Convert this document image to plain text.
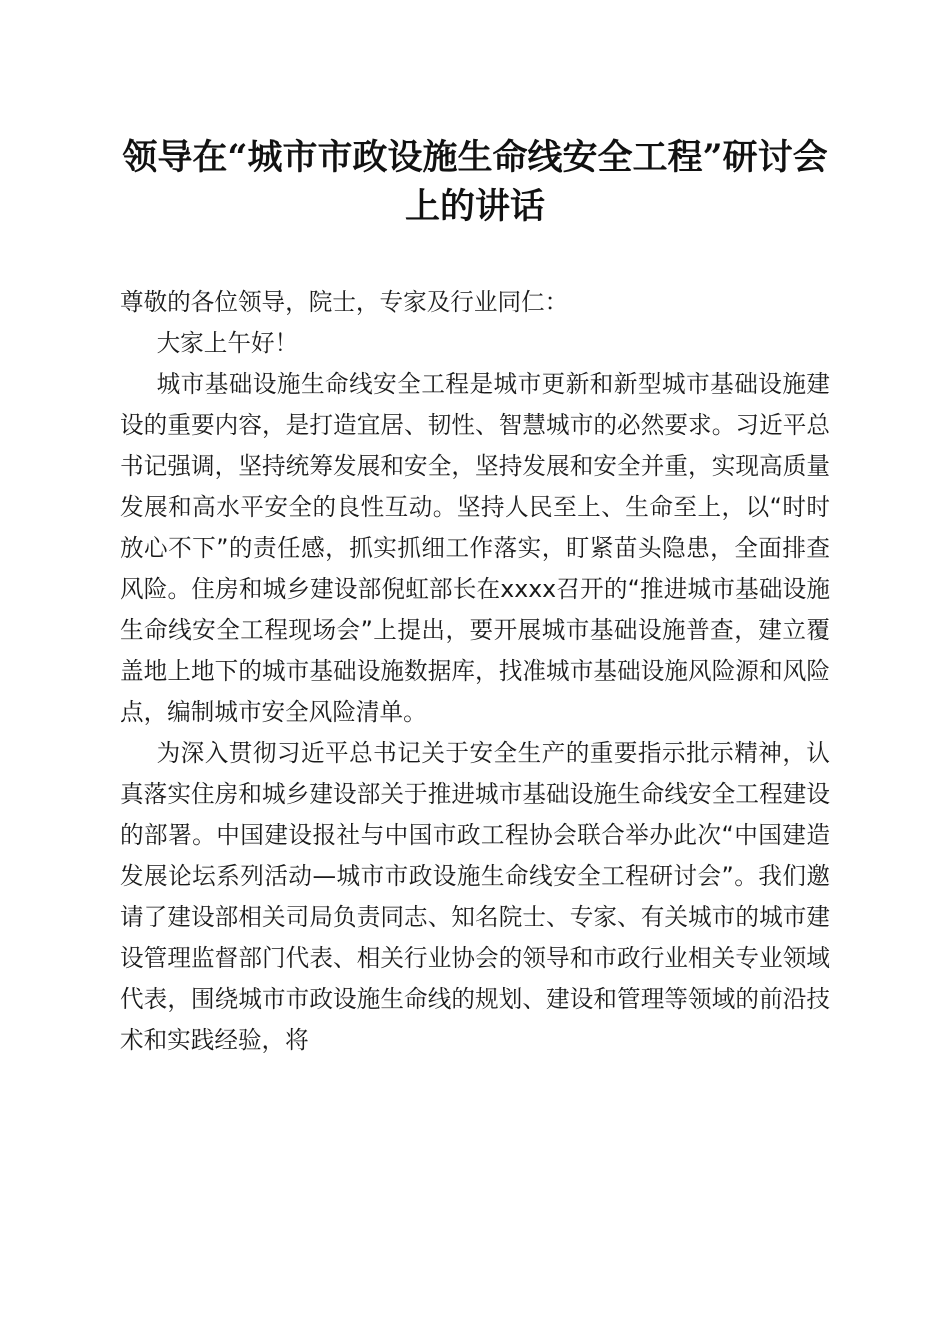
领导在“城市市政设施生命线安全工程”研讨会上的讲话

尊敬的各位领导，院士，专家及行业同仁：

大家上午好！

城市基础设施生命线安全工程是城市更新和新型城市基础设施建设的重要内容，是打造宜居、韧性、智慧城市的必然要求。习近平总书记强调，坚持统筹发展和安全，坚持发展和安全并重，实现高质量发展和高水平安全的良性互动。坚持人民至上、生命至上，以“时时放心不下”的责任感，抓实抓细工作落实，盯紧苗头隐患，全面排查风险。住房和城乡建设部倪虹部长在xxxx召开的“推进城市基础设施生命线安全工程现场会”上提出，要开展城市基础设施普查，建立覆盖地上地下的城市基础设施数据库，找准城市基础设施风险源和风险点，编制城市安全风险清单。

为深入贯彻习近平总书记关于安全生产的重要指示批示精神，认真落实住房和城乡建设部关于推进城市基础设施生命线安全工程建设的部署。中国建设报社与中国市政工程协会联合举办此次“中国建造发展论坛系列活动—城市市政设施生命线安全工程研讨会”。我们邀请了建设部相关司局负责同志、知名院士、专家、有关城市的城市建设管理监督部门代表、相关行业协会的领导和市政行业相关专业领域代表，围绕城市市政设施生命线的规划、建设和管理等领域的前沿技术和实践经验，将
